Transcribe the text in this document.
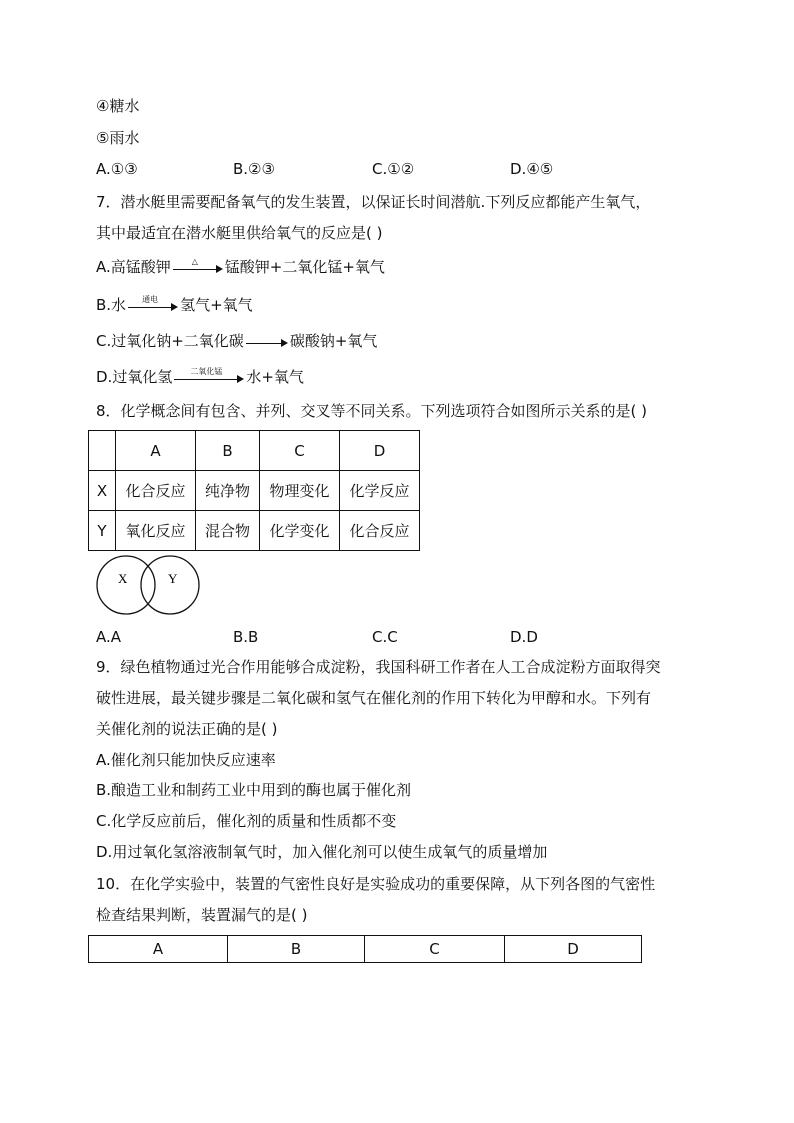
④糖水
⑤雨水
A.①③	B.②③	C.①②	D.④⑤
7．潜水艇里需要配备氧气的发生装置，以保证长时间潜航.下列反应都能产生氧气，
其中最适宜在潜水艇里供给氧气的反应是( )
A.高锰酸钾	△	锰酸钾+二氧化锰+氧气
B.水	通电	氢气+氧气
C.过氧化钠+二氧化碳	碳酸钠+氧气
D.过氧化氢	二氧化锰	水+氧气
8．化学概念间有包含、并列、交叉等不同关系。下列选项符合如图所示关系的是( )
	A	B	C	D
X	化合反应	纯净物	物理变化	化学反应
Y	氧化反应	混合物	化学变化	化合反应
X	Y
A.A	B.B	C.C	D.D
9．绿色植物通过光合作用能够合成淀粉，我国科研工作者在人工合成淀粉方面取得突
破性进展，最关键步骤是二氧化碳和氢气在催化剂的作用下转化为甲醇和水。下列有
关催化剂的说法正确的是( )
A.催化剂只能加快反应速率
B.酿造工业和制药工业中用到的酶也属于催化剂
C.化学反应前后，催化剂的质量和性质都不变
D.用过氧化氢溶液制氧气时，加入催化剂可以使生成氧气的质量增加
10．在化学实验中，装置的气密性良好是实验成功的重要保障，从下列各图的气密性
检查结果判断，装置漏气的是( )
A	B	C	D
